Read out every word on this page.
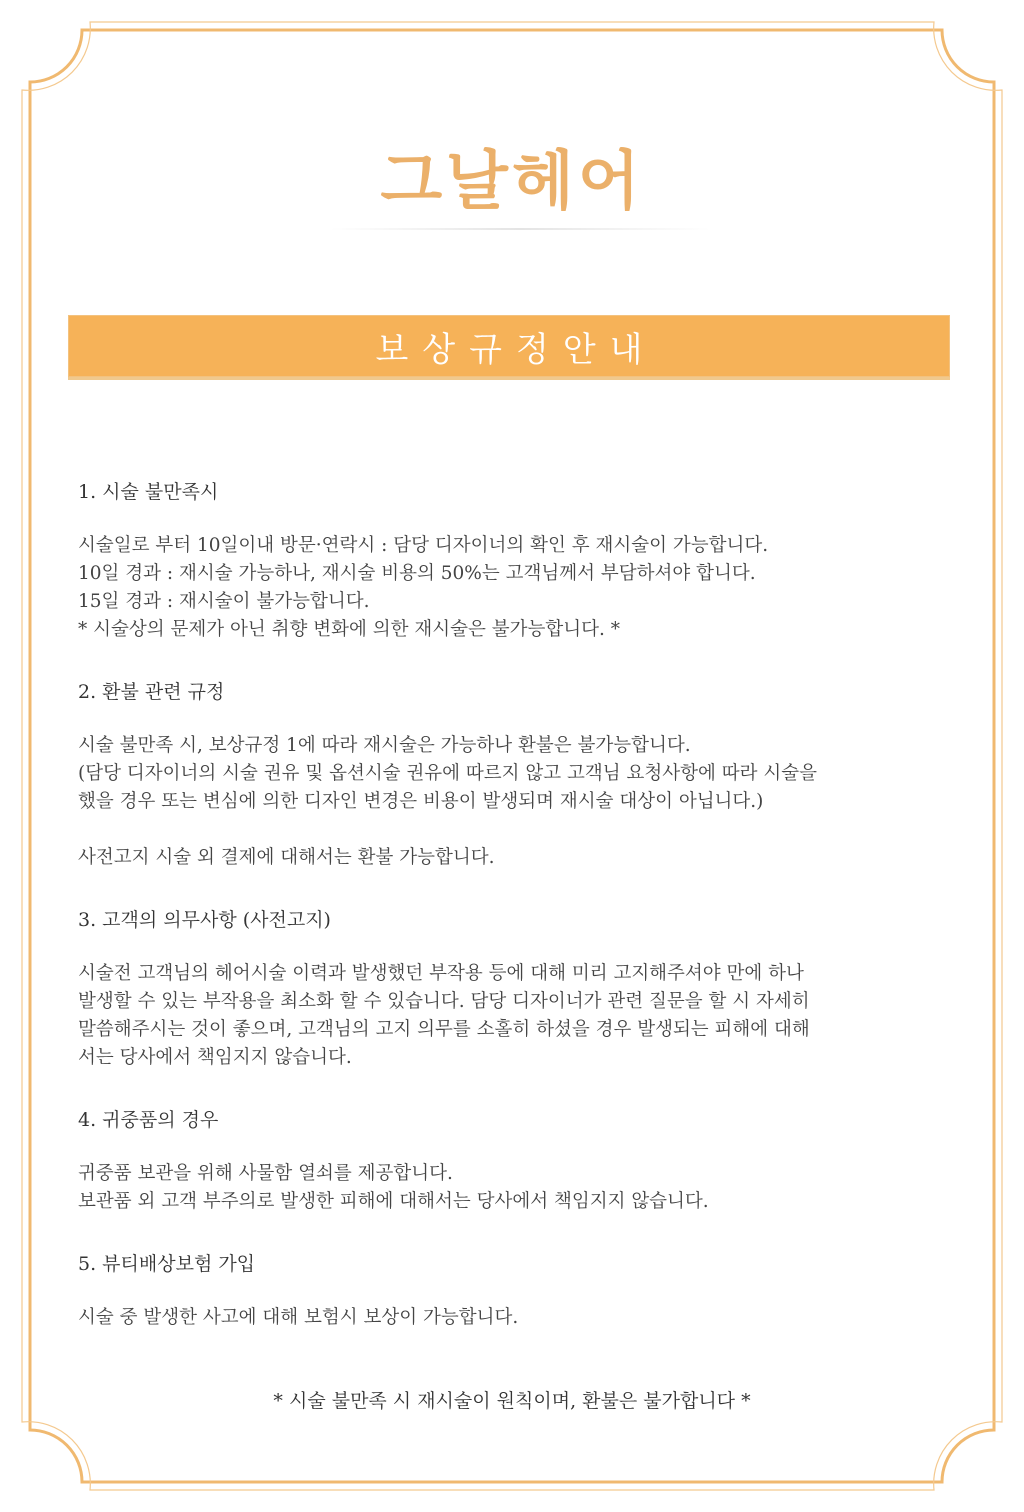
그날헤어
보상규정안내
1. 시술 불만족시

시술일로 부터 10일이내 방문·연락시 : 담당 디자이너의 확인 후 재시술이 가능합니다.

10일 경과 : 재시술 가능하나, 재시술 비용의 50%는 고객님께서 부담하셔야 합니다.

15일 경과 : 재시술이 불가능합니다.

* 시술상의 문제가 아닌 취향 변화에 의한 재시술은 불가능합니다. *

2. 환불 관련 규정

시술 불만족 시, 보상규정 1에 따라 재시술은 가능하나 환불은 불가능합니다.

(담당 디자이너의 시술 권유 및 옵션시술 권유에 따르지 않고 고객님 요청사항에 따라 시술을

했을 경우 또는 변심에 의한 디자인 변경은 비용이 발생되며 재시술 대상이 아닙니다.)

사전고지 시술 외 결제에 대해서는 환불 가능합니다.

3. 고객의 의무사항 (사전고지)

시술전 고객님의 헤어시술 이력과 발생했던 부작용 등에 대해 미리 고지해주셔야 만에 하나

발생할 수 있는 부작용을 최소화 할 수 있습니다. 담당 디자이너가 관련 질문을 할 시 자세히

말씀해주시는 것이 좋으며, 고객님의 고지 의무를 소홀히 하셨을 경우 발생되는 피해에 대해

서는 당사에서 책임지지 않습니다.

4. 귀중품의 경우

귀중품 보관을 위해 사물함 열쇠를 제공합니다.

보관품 외 고객 부주의로 발생한 피해에 대해서는 당사에서 책임지지 않습니다.

5. 뷰티배상보험 가입

시술 중 발생한 사고에 대해 보험시 보상이 가능합니다.

* 시술 불만족 시 재시술이 원칙이며, 환불은 불가합니다 *
